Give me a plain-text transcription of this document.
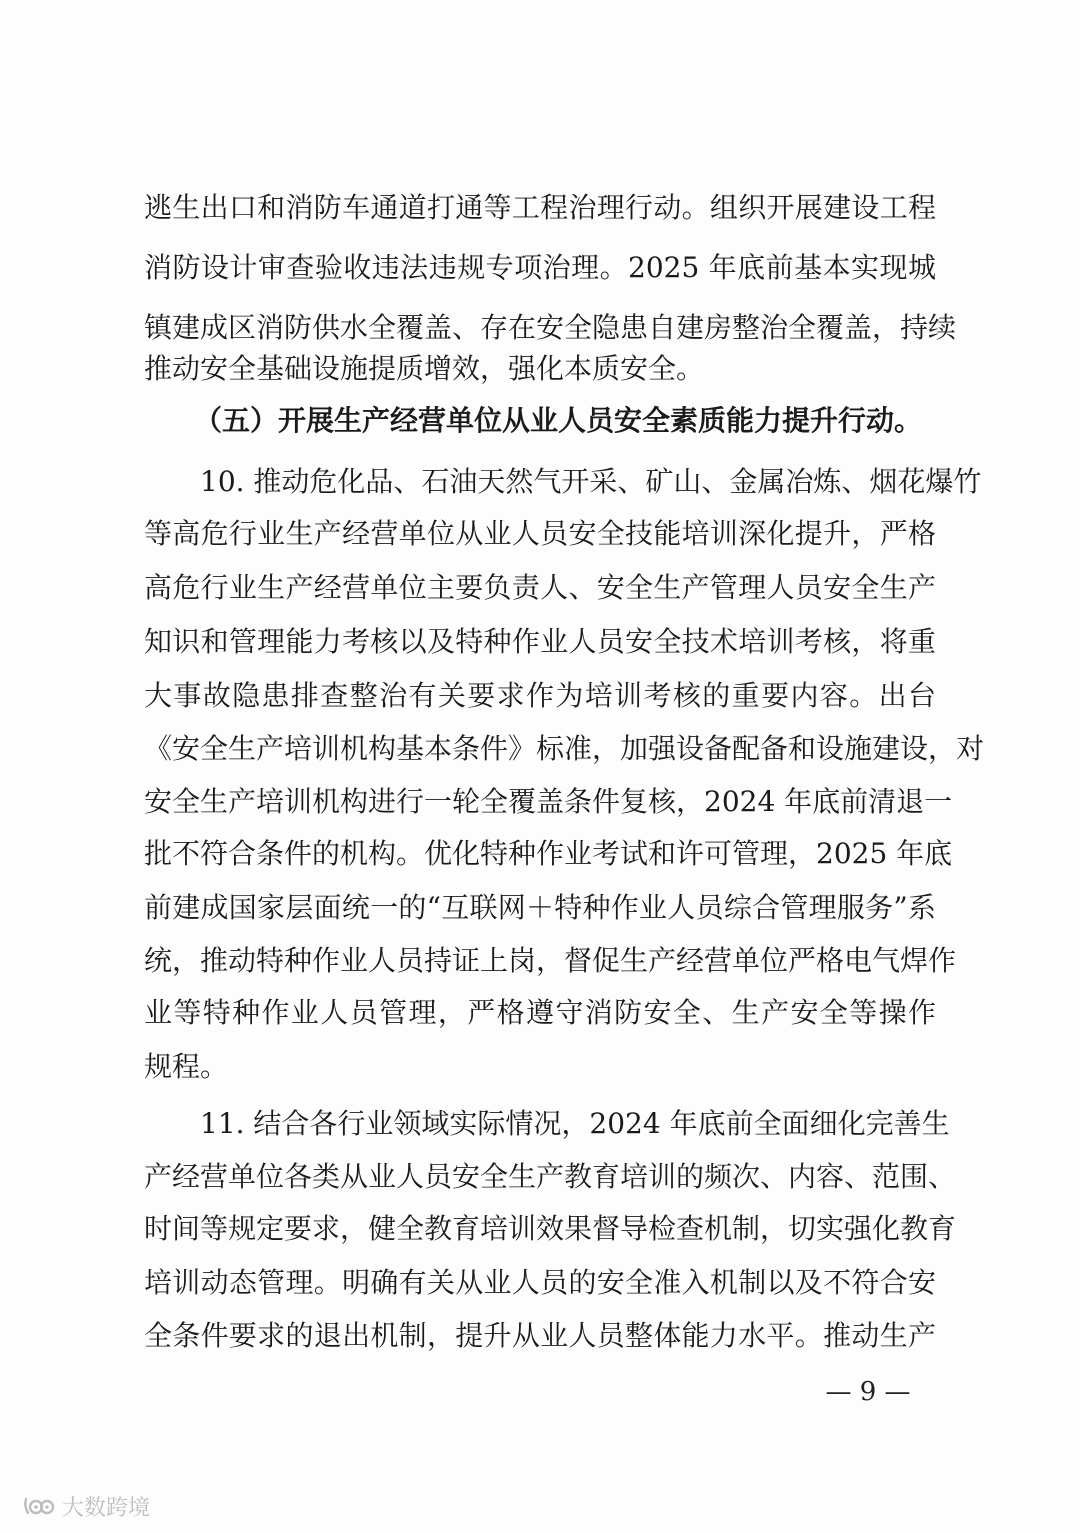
逃生出口和消防车通道打通等工程治理行动。组织开展建设工程
消防设计审查验收违法违规专项治理。2025 年底前基本实现城
镇建成区消防供水全覆盖、存在安全隐患自建房整治全覆盖，持续
推动安全基础设施提质增效，强化本质安全。
（五）开展生产经营单位从业人员安全素质能力提升行动。
10. 推动危化品、石油天然气开采、矿山、金属冶炼、烟花爆竹
等高危行业生产经营单位从业人员安全技能培训深化提升，严格
高危行业生产经营单位主要负责人、安全生产管理人员安全生产
知识和管理能力考核以及特种作业人员安全技术培训考核，将重
大事故隐患排查整治有关要求作为培训考核的重要内容。出台
《安全生产培训机构基本条件》标准，加强设备配备和设施建设，对
安全生产培训机构进行一轮全覆盖条件复核，2024 年底前清退一
批不符合条件的机构。优化特种作业考试和许可管理，2025 年底
前建成国家层面统一的“互联网＋特种作业人员综合管理服务”系
统，推动特种作业人员持证上岗，督促生产经营单位严格电气焊作
业等特种作业人员管理，严格遵守消防安全、生产安全等操作
规程。
11. 结合各行业领域实际情况，2024 年底前全面细化完善生
产经营单位各类从业人员安全生产教育培训的频次、内容、范围、
时间等规定要求，健全教育培训效果督导检查机制，切实强化教育
培训动态管理。明确有关从业人员的安全准入机制以及不符合安
全条件要求的退出机制，提升从业人员整体能力水平。推动生产
— 9 —
大数跨境
